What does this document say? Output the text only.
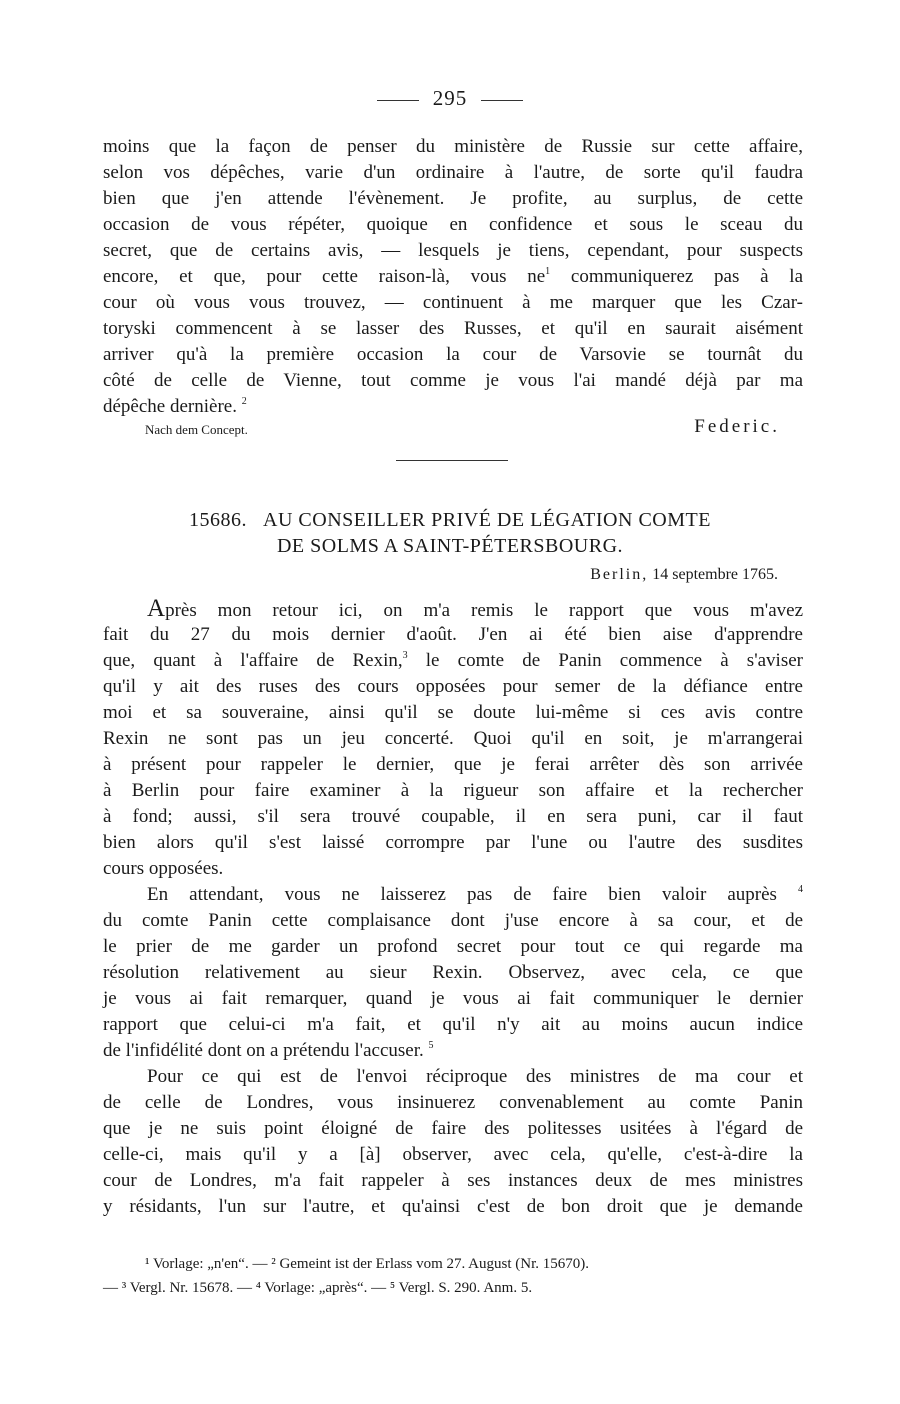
295
moins que la façon de penser du ministère de Russie sur cette affaire,
selon vos dépêches, varie d'un ordinaire à l'autre, de sorte qu'il faudra
bien que j'en attende l'évènement. Je profite, au surplus, de cette
occasion de vous répéter, quoique en confidence et sous le sceau du
secret, que de certains avis, — lesquels je tiens, cependant, pour suspects
encore, et que, pour cette raison-là, vous $ne^1$ communiquerez pas à la
cour où vous vous trouvez, — continuent à me marquer que les Czar-
toryski commencent à se lasser des Russes, et qu'il en saurait aisément
arriver qu'à la première occasion la cour de Varsovie se tournât du
côté de celle de Vienne, tout comme je vous l'ai mandé déjà par ma
dépêche dernière. $^2$
Nach dem Concept.	Federic.
15686. AU CONSEILLER PRIVÉ DE LÉGATION COMTE
DE SOLMS A SAINT-PÉTERSBOURG.
Berlin, 14 septembre 1765.
Après mon retour ici, on m'a remis le rapport que vous m'avez
fait du 27 du mois dernier d'août. J'en ai été bien aise d'apprendre
que, quant à l'affaire de Rexin,$^3$ le comte de Panin commence à s'aviser
qu'il y ait des ruses des cours opposées pour semer de la défiance entre
moi et sa souveraine, ainsi qu'il se doute lui-même si ces avis contre
Rexin ne sont pas un jeu concerté. Quoi qu'il en soit, je m'arrangerai
à présent pour rappeler le dernier, que je ferai arrêter dès son arrivée
à Berlin pour faire examiner à la rigueur son affaire et la rechercher
à fond; aussi, s'il sera trouvé coupable, il en sera puni, car il faut
bien alors qu'il s'est laissé corrompre par l'une ou l'autre des susdites
cours opposées.
En attendant, vous ne laisserez pas de faire bien valoir auprès $^4$
du comte Panin cette complaisance dont j'use encore à sa cour, et de
le prier de me garder un profond secret pour tout ce qui regarde ma
résolution relativement au sieur Rexin. Observez, avec cela, ce que
je vous ai fait remarquer, quand je vous ai fait communiquer le dernier
rapport que celui-ci m'a fait, et qu'il n'y ait au moins aucun indice
de l'infidélité dont on a prétendu l'accuser. $^5$
Pour ce qui est de l'envoi réciproque des ministres de ma cour et
de celle de Londres, vous insinuerez convenablement au comte Panin
que je ne suis point éloigné de faire des politesses usitées à l'égard de
celle-ci, mais qu'il y a [à] observer, avec cela, qu'elle, c'est-à-dire la
cour de Londres, m'a fait rappeler à ses instances deux de mes ministres
y résidants, l'un sur l'autre, et qu'ainsi c'est de bon droit que je demande
¹ Vorlage: „n'en“. — ² Gemeint ist der Erlass vom 27. August (Nr. 15670).
— ³ Vergl. Nr. 15678. — ⁴ Vorlage: „après“. — ⁵ Vergl. S. 290. Anm. 5.
